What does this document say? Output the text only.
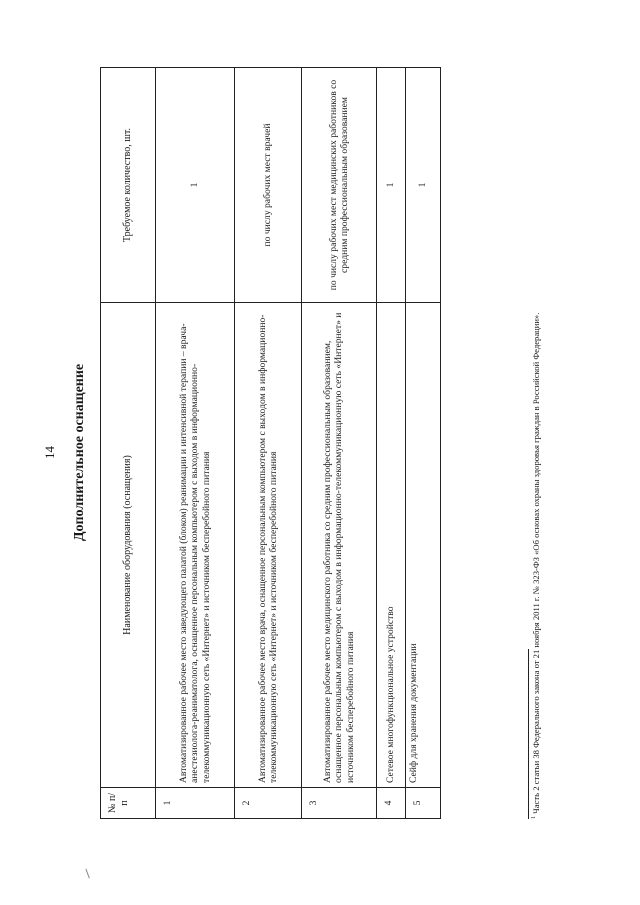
14 Дополнительное оснащение
№ п/п	Наименование оборудования (оснащения)	Требуемое количество, шт.
1	Автоматизированное рабочее место заведующего палатой (блоком) реанимации и интенсивной терапии – врача-анестезиолога-реаниматолога, оснащенное персональным компьютером с выходом в информационно-телекоммуникационную сеть «Интернет» и источником бесперебойного питания	1
2	Автоматизированное рабочее место врача, оснащенное персональным компьютером с выходом в информационно-телекоммуникационную сеть «Интернет» и источником бесперебойного питания	по числу рабочих мест врачей
3	Автоматизированное рабочее место медицинского работника со средним профессиональным образованием, оснащенное персональным компьютером с выходом в информационно-телекоммуникационную сеть «Интернет» и источником бесперебойного питания	по числу рабочих мест медицинских работников со средним профессиональным образованием
4	Сетевое многофункциональное устройство	1
5	Сейф для хранения документации	1
$^1$ Часть 2 статьи 38 Федерального закона от 21 ноября 2011 г. № 323-ФЗ «Об основах охраны здоровья граждан в Российской Федерации».
